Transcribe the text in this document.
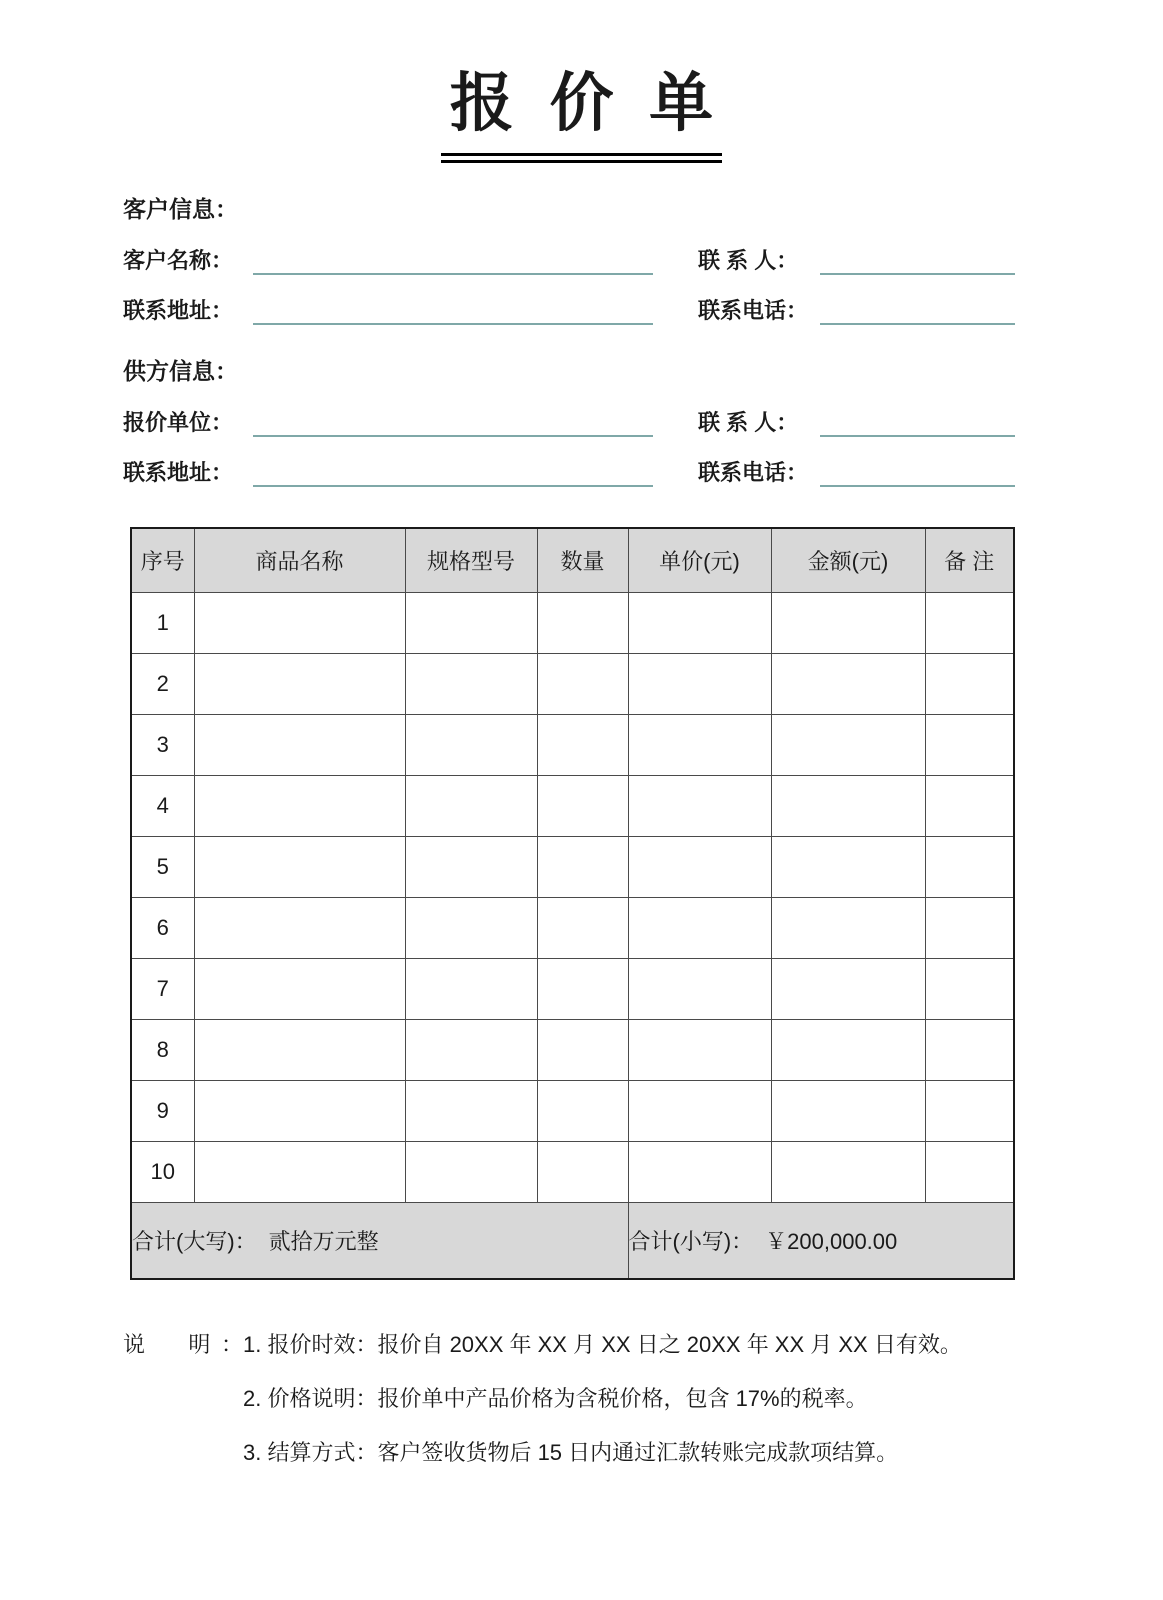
报 价 单
客户信息：
客户名称：	联 系 人：
联系地址：	联系电话：
供方信息：
报价单位：	联 系 人：
联系地址：	联系电话：
序号	商品名称	规格型号	数量	单价(元)	金额(元)	备 注
1						
2						
3						
4						
5						
6						
7						
8						
9						
10						
合计(大写)： 贰拾万元整				合计(小写)： ￥200,000.00		
说　明： 1. 报价时效：报价自 20XX 年 XX 月 XX 日之 20XX 年 XX 月 XX 日有效。
2. 价格说明：报价单中产品价格为含税价格，包含 17%的税率。
3. 结算方式：客户签收货物后 15 日内通过汇款转账完成款项结算。
